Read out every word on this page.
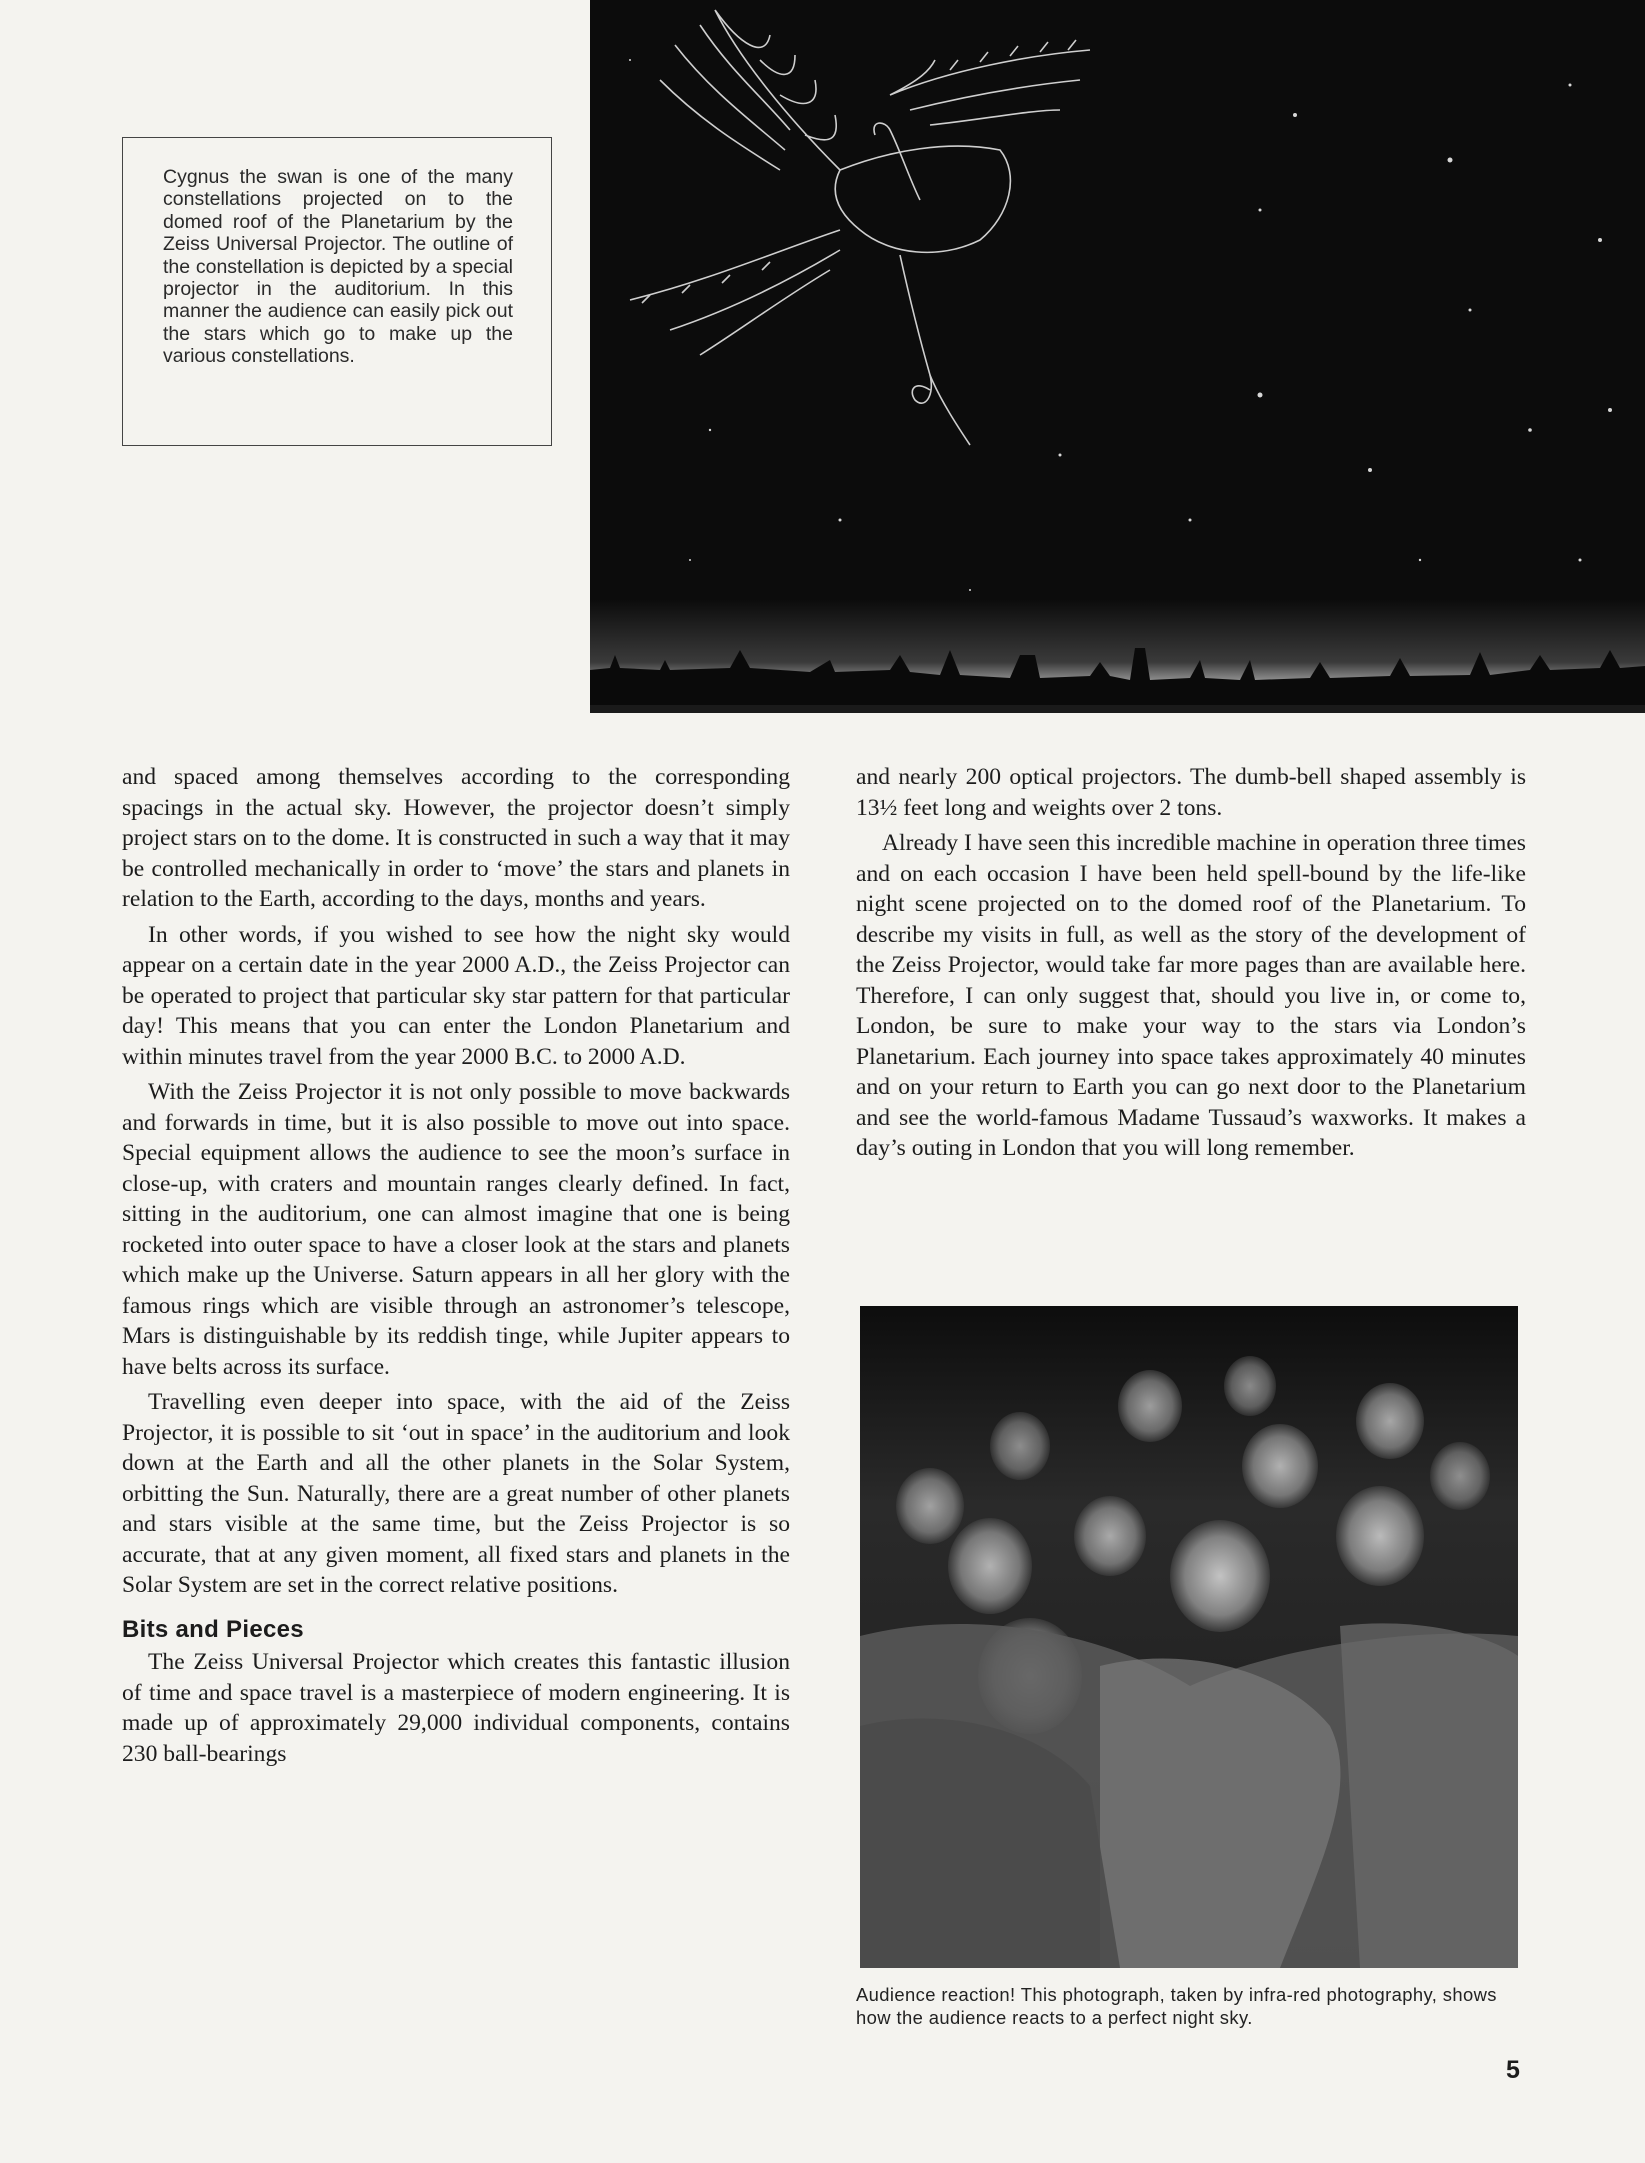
Cygnus the swan is one of the many constellations projected on to the domed roof of the Planetarium by the Zeiss Universal Projector. The outline of the constellation is depicted by a special projector in the auditorium. In this manner the audience can easily pick out the stars which go to make up the various constellations.

and spaced among themselves according to the corresponding spacings in the actual sky. However, the projector doesn’t simply project stars on to the dome. It is constructed in such a way that it may be controlled mechanically in order to ‘move’ the stars and planets in relation to the Earth, according to the days, months and years.

In other words, if you wished to see how the night sky would appear on a certain date in the year 2000 A.D., the Zeiss Projector can be operated to project that particular sky star pattern for that particular day! This means that you can enter the London Planetarium and within minutes travel from the year 2000 B.C. to 2000 A.D.

With the Zeiss Projector it is not only possible to move backwards and forwards in time, but it is also possible to move out into space. Special equipment allows the audience to see the moon’s surface in close-up, with craters and mountain ranges clearly defined. In fact, sitting in the auditorium, one can almost imagine that one is being rocketed into outer space to have a closer look at the stars and planets which make up the Universe. Saturn appears in all her glory with the famous rings which are visible through an astronomer’s telescope, Mars is distinguishable by its reddish tinge, while Jupiter appears to have belts across its surface.

Travelling even deeper into space, with the aid of the Zeiss Projector, it is possible to sit ‘out in space’ in the auditorium and look down at the Earth and all the other planets in the Solar System, orbitting the Sun. Naturally, there are a great number of other planets and stars visible at the same time, but the Zeiss Projector is so accurate, that at any given moment, all fixed stars and planets in the Solar System are set in the correct relative positions.

Bits and Pieces

The Zeiss Universal Projector which creates this fantastic illusion of time and space travel is a masterpiece of modern engineering. It is made up of approximately 29,000 individual components, contains 230 ball-bearings

and nearly 200 optical projectors. The dumb-bell shaped assembly is 13½ feet long and weights over 2 tons.

Already I have seen this incredible machine in operation three times and on each occasion I have been held spell-bound by the life-like night scene projected on to the domed roof of the Planetarium. To describe my visits in full, as well as the story of the development of the Zeiss Projector, would take far more pages than are available here. Therefore, I can only suggest that, should you live in, or come to, London, be sure to make your way to the stars via London’s Planetarium. Each journey into space takes approximately 40 minutes and on your return to Earth you can go next door to the Planetarium and see the world-famous Madame Tussaud’s waxworks. It makes a day’s outing in London that you will long remember.

Audience reaction! This photograph, taken by infra-red photography, shows how the audience reacts to a perfect night sky.
5
